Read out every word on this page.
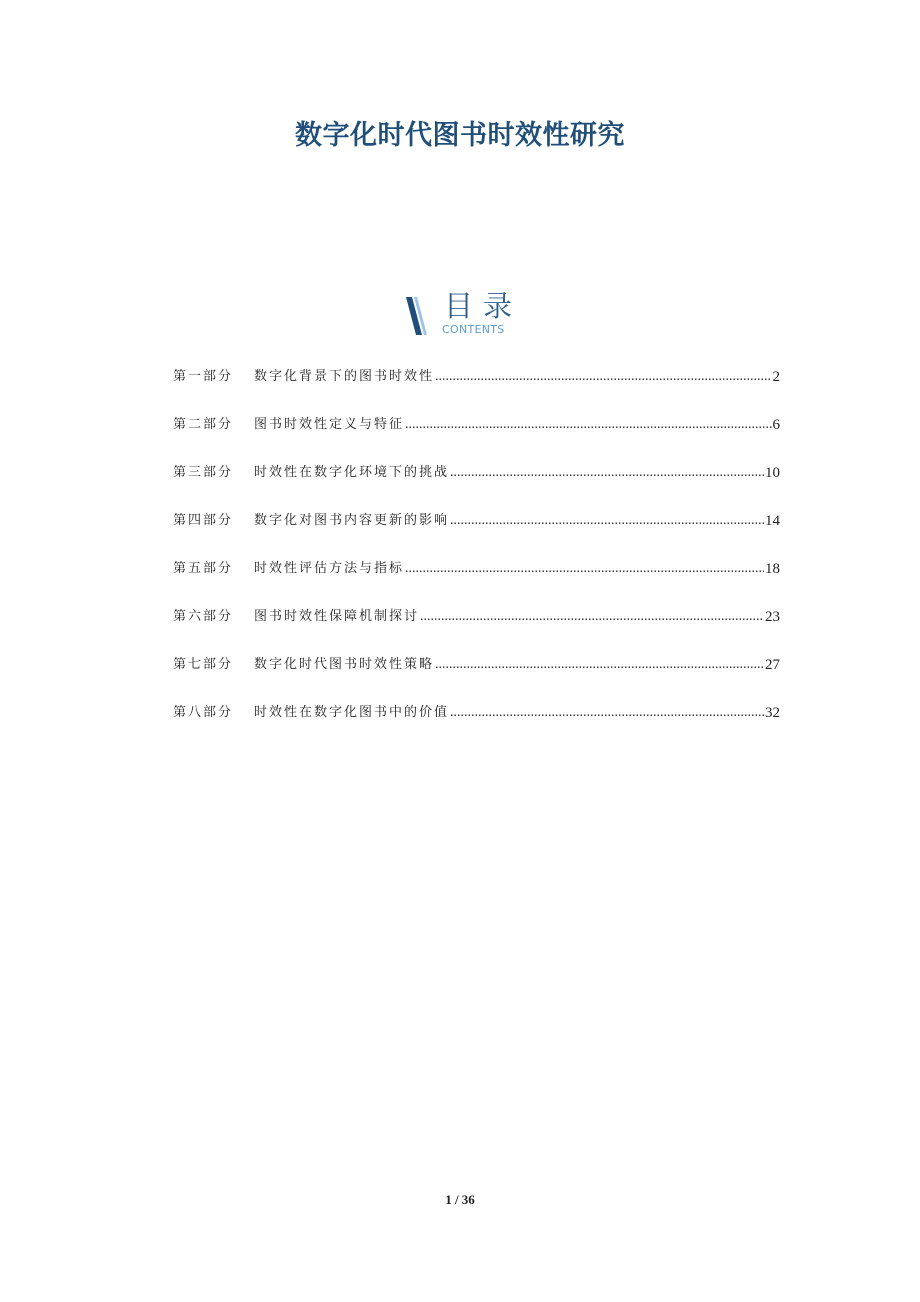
数字化时代图书时效性研究
目录
CONTENTS
第一部分	数字化背景下的图书时效性 .....	2
第二部分	图书时效性定义与特征 .....	6
第三部分	时效性在数字化环境下的挑战 .....	10
第四部分	数字化对图书内容更新的影响 .....	14
第五部分	时效性评估方法与指标 .....	18
第六部分	图书时效性保障机制探讨 .....	23
第七部分	数字化时代图书时效性策略 .....	27
第八部分	时效性在数字化图书中的价值 .....	32
1 / 36
